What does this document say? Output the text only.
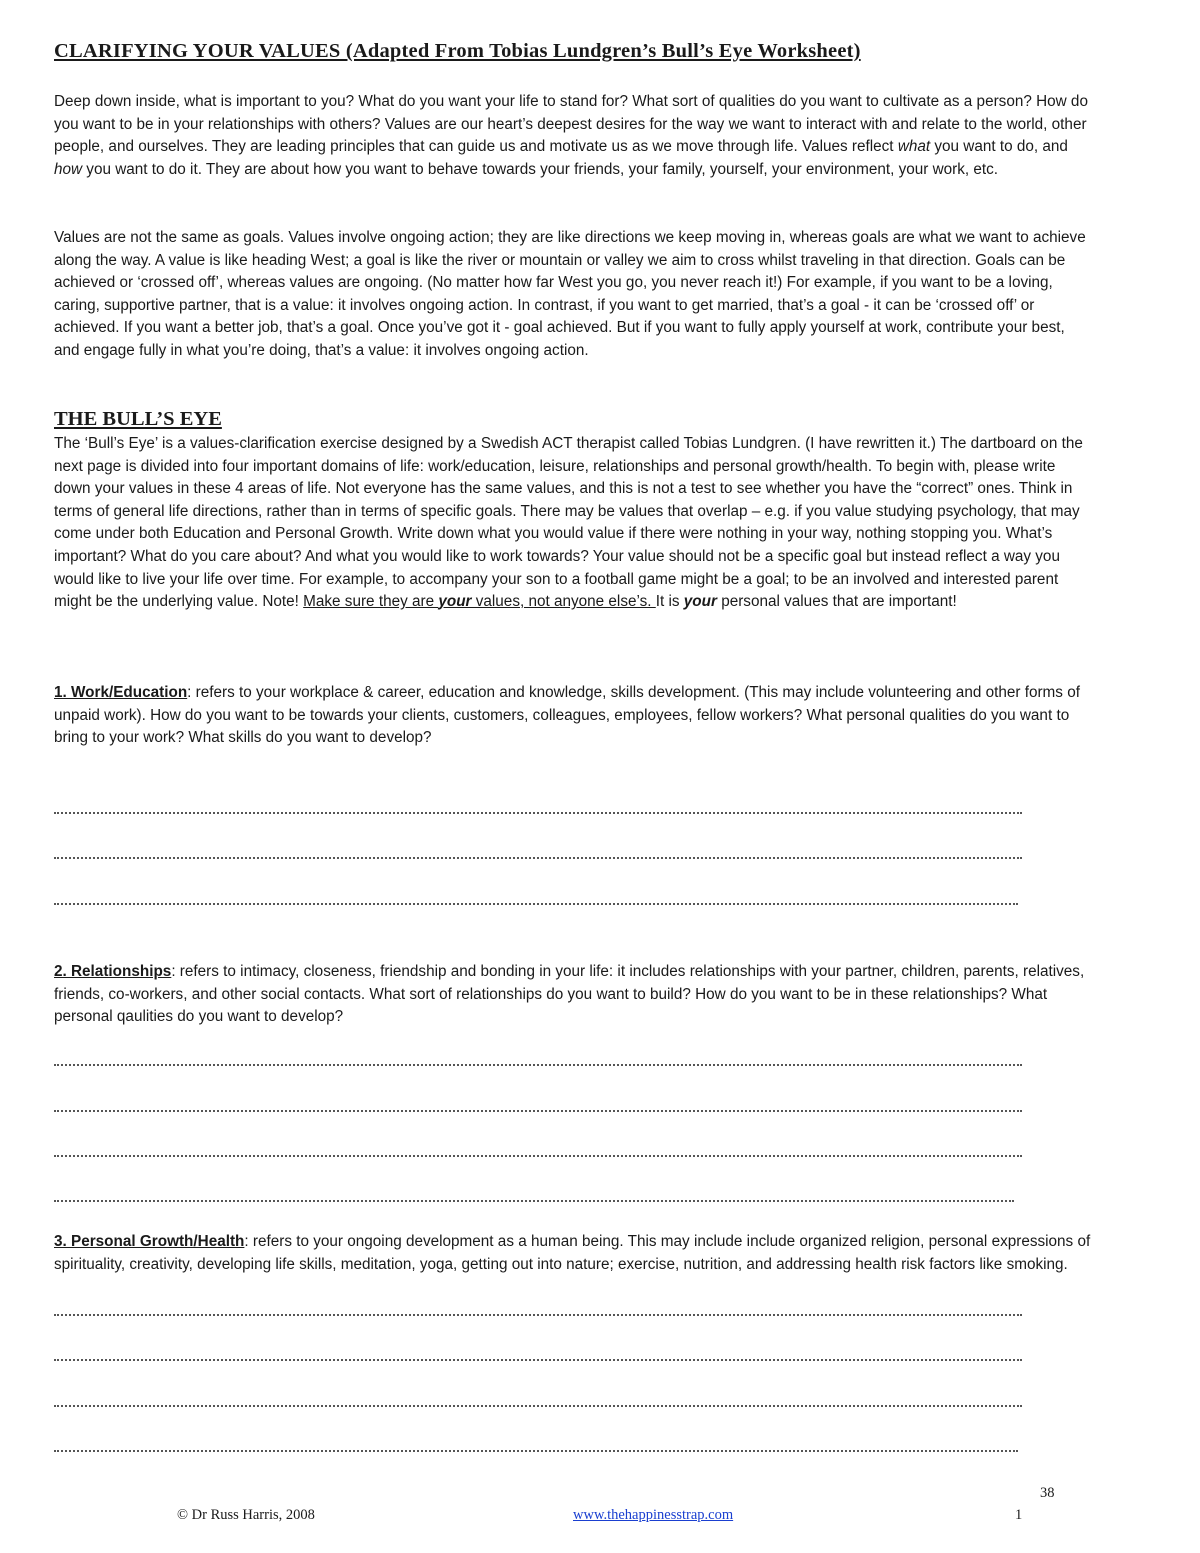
CLARIFYING YOUR VALUES (Adapted From Tobias Lundgren’s Bull’s Eye Worksheet)

Deep down inside, what is important to you? What do you want your life to stand for? What sort of qualities do you want to cultivate as a person? How do you want to be in your relationships with others? Values are our heart’s deepest desires for the way we want to interact with and relate to the world, other people, and ourselves. They are leading principles that can guide us and motivate us as we move through life. Values reflect what you want to do, and how you want to do it. They are about how you want to behave towards your friends, your family, yourself, your environment, your work, etc.

Values are not the same as goals. Values involve ongoing action; they are like directions we keep moving in, whereas goals are what we want to achieve along the way. A value is like heading West; a goal is like the river or mountain or valley we aim to cross whilst traveling in that direction. Goals can be achieved or ‘crossed off’, whereas values are ongoing. (No matter how far West you go, you never reach it!) For example, if you want to be a loving, caring, supportive partner, that is a value: it involves ongoing action. In contrast, if you want to get married, that’s a goal - it can be ‘crossed off’ or achieved. If you want a better job, that’s a goal. Once you’ve got it - goal achieved. But if you want to fully apply yourself at work, contribute your best, and engage fully in what you’re doing, that’s a value: it involves ongoing action.

THE BULL’S EYE

The ‘Bull’s Eye’ is a values-clarification exercise designed by a Swedish ACT therapist called Tobias Lundgren. (I have rewritten it.) The dartboard on the next page is divided into four important domains of life: work/education, leisure, relationships and personal growth/health. To begin with, please write down your values in these 4 areas of life. Not everyone has the same values, and this is not a test to see whether you have the “correct” ones. Think in terms of general life directions, rather than in terms of specific goals. There may be values that overlap – e.g. if you value studying psychology, that may come under both Education and Personal Growth. Write down what you would value if there were nothing in your way, nothing stopping you. What’s important? What do you care about? And what you would like to work towards? Your value should not be a specific goal but instead reflect a way you would like to live your life over time. For example, to accompany your son to a football game might be a goal; to be an involved and interested parent might be the underlying value. Note! Make sure they are your values, not anyone else’s. It is your personal values that are important!

1. Work/Education: refers to your workplace & career, education and knowledge, skills development. (This may include volunteering and other forms of unpaid work). How do you want to be towards your clients, customers, colleagues, employees, fellow workers? What personal qualities do you want to bring to your work? What skills do you want to develop?

2. Relationships: refers to intimacy, closeness, friendship and bonding in your life: it includes relationships with your partner, children, parents, relatives, friends, co-workers, and other social contacts. What sort of relationships do you want to build? How do you want to be in these relationships? What personal qaulities do you want to develop?

3. Personal Growth/Health: refers to your ongoing development as a human being. This may include include organized religion, personal expressions of spirituality, creativity, developing life skills, meditation, yoga, getting out into nature; exercise, nutrition, and addressing health risk factors like smoking.

38

© Dr Russ Harris, 2008	www.thehappinesstrap.com	1
